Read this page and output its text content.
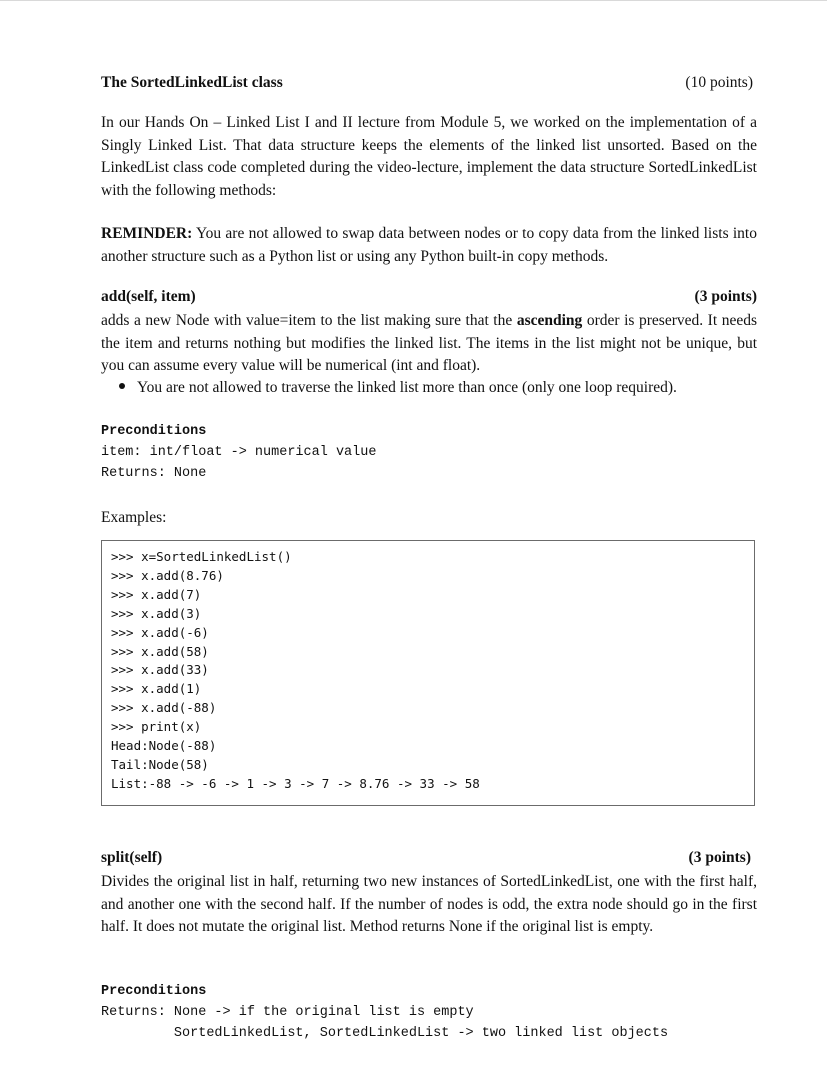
The SortedLinkedList class	(10 points)

In our Hands On – Linked List I and II lecture from Module 5, we worked on the implementation of a Singly Linked List. That data structure keeps the elements of the linked list unsorted. Based on the LinkedList class code completed during the video-lecture, implement the data structure SortedLinkedList with the following methods:

REMINDER: You are not allowed to swap data between nodes or to copy data from the linked lists into another structure such as a Python list or using any Python built-in copy methods.

add(self, item)	(3 points)

adds a new Node with value=item to the list making sure that the ascending order is preserved. It needs the item and returns nothing but modifies the linked list. The items in the list might not be unique, but you can assume every value will be numerical (int and float).

You are not allowed to traverse the linked list more than once (only one loop required).
Preconditions
item: int/float -> numerical value
Returns: None

Examples:

>>> x=SortedLinkedList()
>>> x.add(8.76)
>>> x.add(7)
>>> x.add(3)
>>> x.add(-6)
>>> x.add(58)
>>> x.add(33)
>>> x.add(1)
>>> x.add(-88)
>>> print(x)
Head:Node(-88)
Tail:Node(58)
List:-88 -> -6 -> 1 -> 3 -> 7 -> 8.76 -> 33 -> 58
split(self)	(3 points)

Divides the original list in half, returning two new instances of SortedLinkedList, one with the first half, and another one with the second half. If the number of nodes is odd, the extra node should go in the first half. It does not mutate the original list. Method returns None if the original list is empty.

Preconditions
Returns: None -> if the original list is empty
SortedLinkedList, SortedLinkedList -> two linked list objects
